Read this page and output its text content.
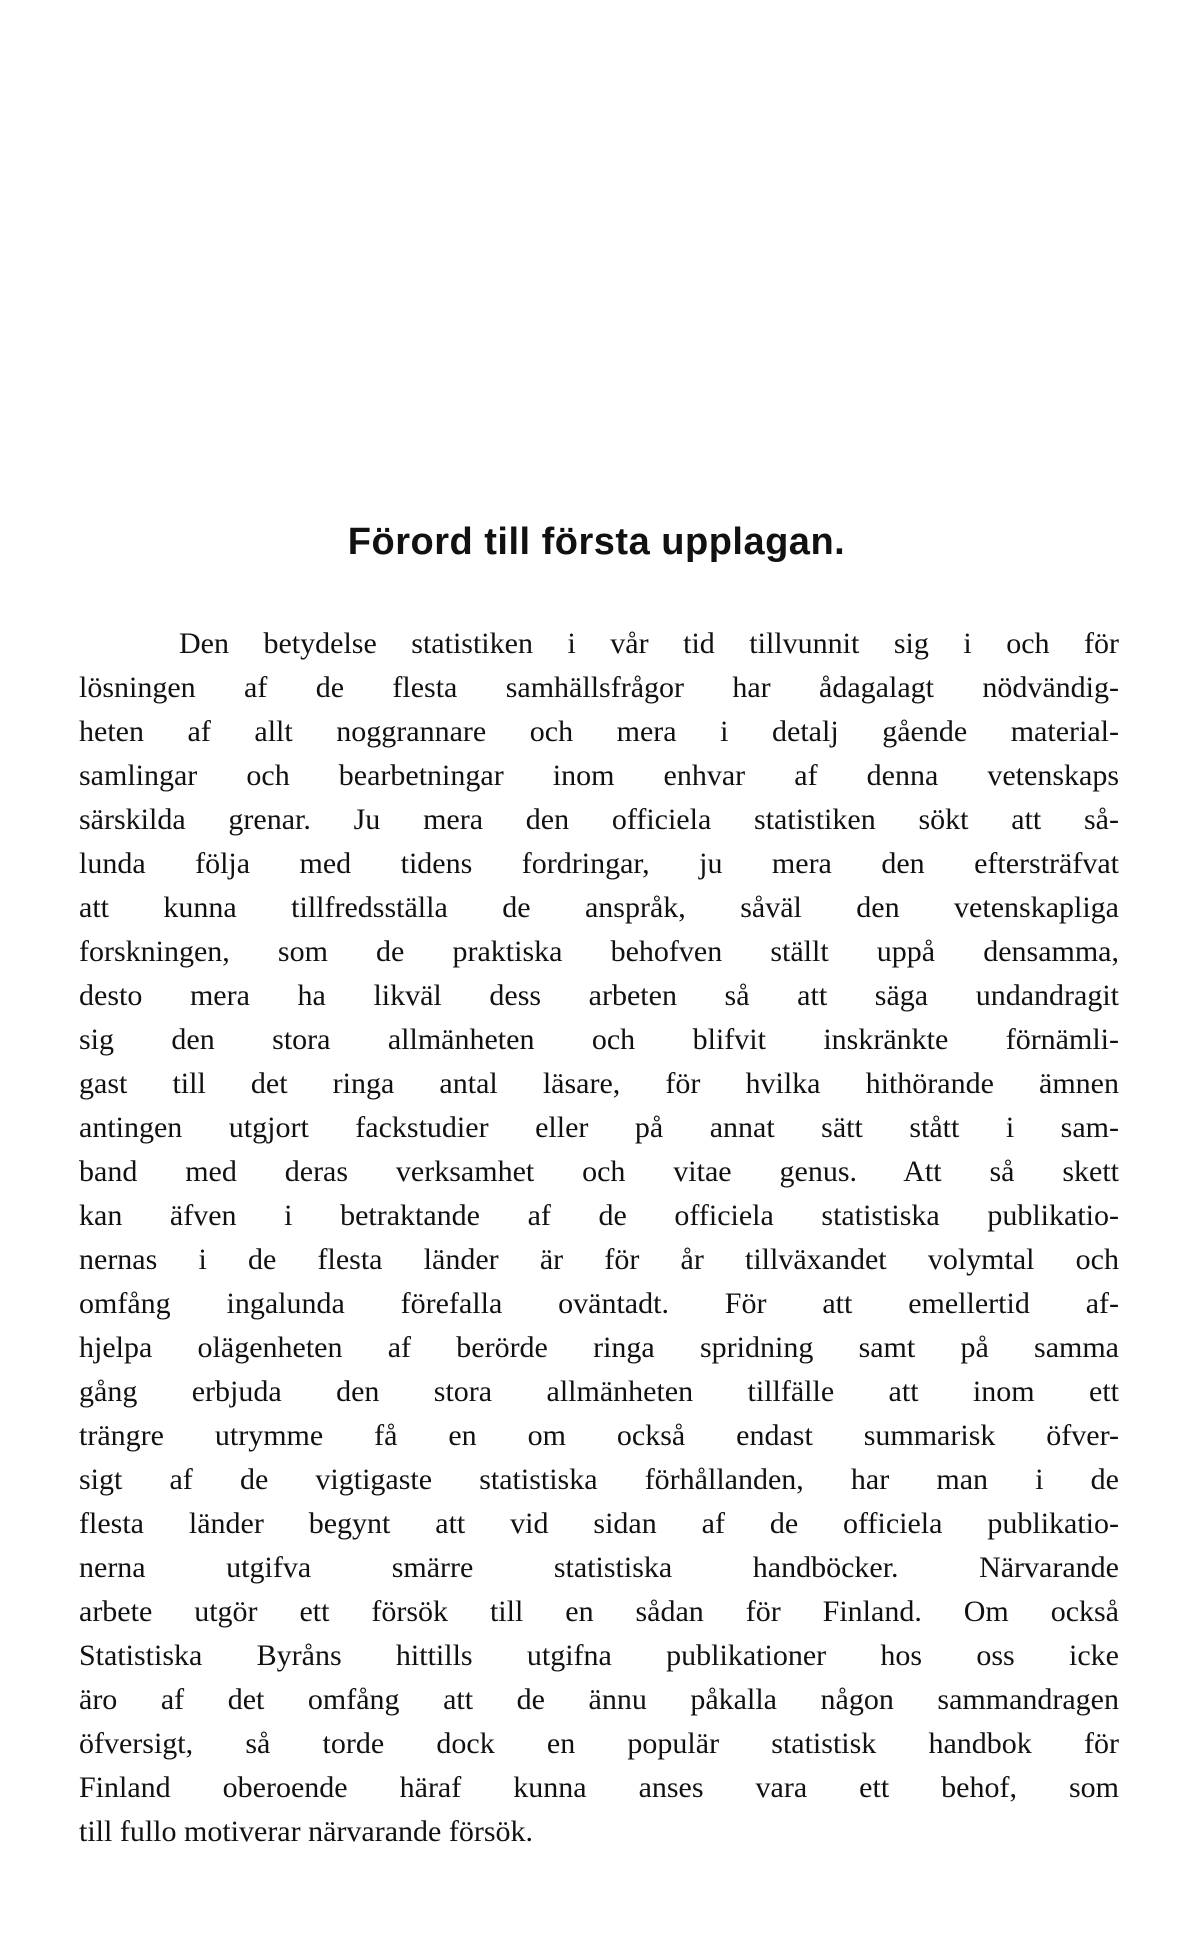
Förord till första upplagan.
Den betydelse statistiken i vår tid tillvunnit sig i och för
lösningen af de flesta samhällsfrågor har ådagalagt nödvändig-
heten af allt noggrannare och mera i detalj gående material-
samlingar och bearbetningar inom enhvar af denna vetenskaps
särskilda grenar. Ju mera den officiela statistiken sökt att så-
lunda följa med tidens fordringar, ju mera den eftersträfvat
att kunna tillfredsställa de anspråk, såväl den vetenskapliga
forskningen, som de praktiska behofven ställt uppå densamma,
desto mera ha likväl dess arbeten så att säga undandragit
sig den stora allmänheten och blifvit inskränkte förnämli-
gast till det ringa antal läsare, för hvilka hithörande ämnen
antingen utgjort fackstudier eller på annat sätt stått i sam-
band med deras verksamhet och vitae genus. Att så skett
kan äfven i betraktande af de officiela statistiska publikatio-
nernas i de flesta länder är för år tillväxandet volymtal och
omfång ingalunda förefalla oväntadt. För att emellertid af-
hjelpa olägenheten af berörde ringa spridning samt på samma
gång erbjuda den stora allmänheten tillfälle att inom ett
trängre utrymme få en om också endast summarisk öfver-
sigt af de vigtigaste statistiska förhållanden, har man i de
flesta länder begynt att vid sidan af de officiela publikatio-
nerna utgifva smärre statistiska handböcker. Närvarande
arbete utgör ett försök till en sådan för Finland. Om också
Statistiska Byråns hittills utgifna publikationer hos oss icke
äro af det omfång att de ännu påkalla någon sammandragen
öfversigt, så torde dock en populär statistisk handbok för
Finland oberoende häraf kunna anses vara ett behof, som
till fullo motiverar närvarande försök.
